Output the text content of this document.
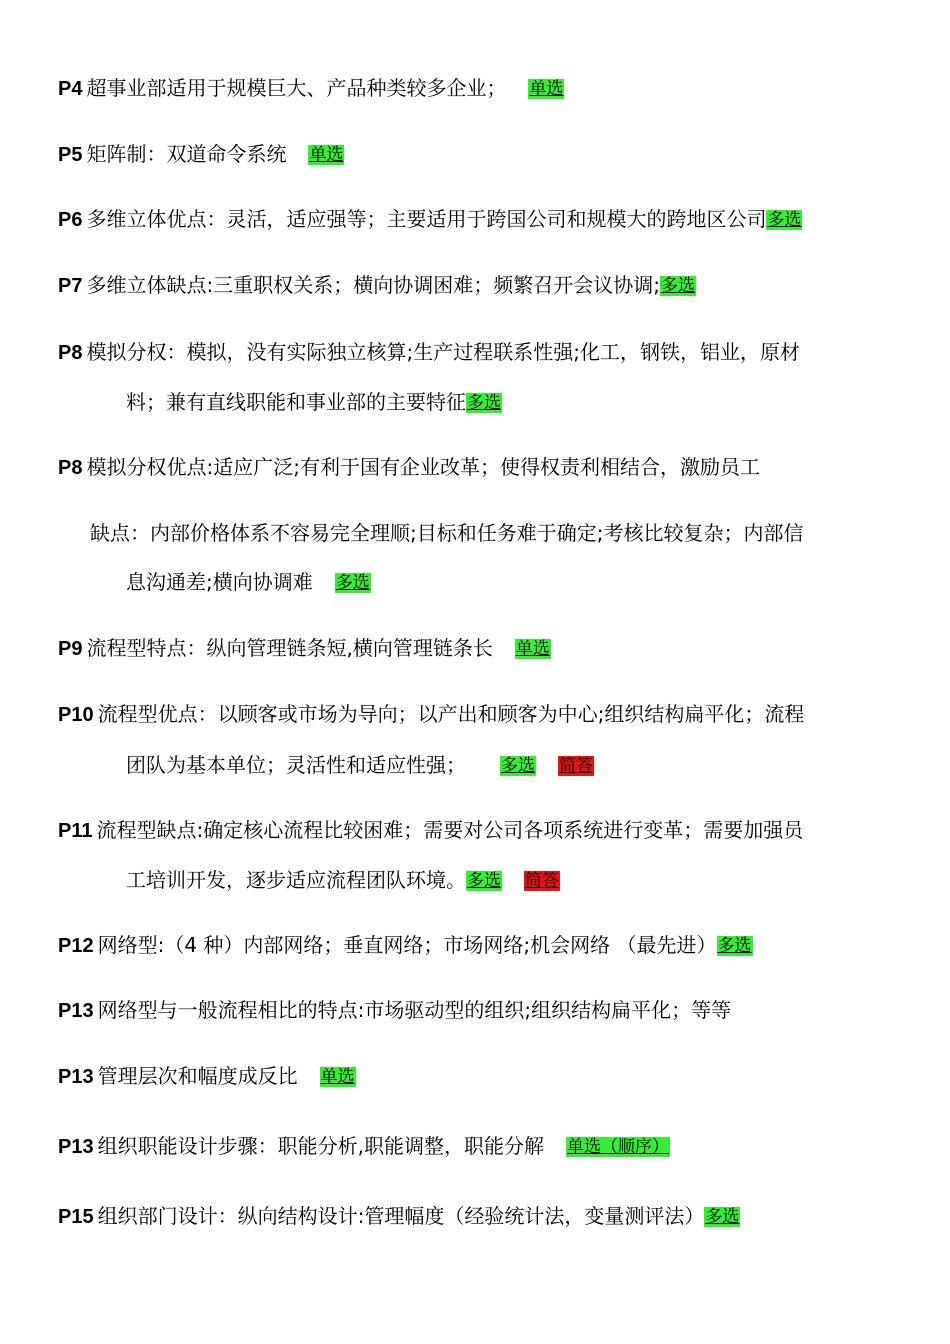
P4 超事业部适用于规模巨大、产品种类较多企业； 单选
P5 矩阵制：双道命令系统 单选
P6 多维立体优点：灵活，适应强等；主要适用于跨国公司和规模大的跨地区公司多选
P7 多维立体缺点:三重职权关系；横向协调困难；频繁召开会议协调;多选
P8 模拟分权：模拟，没有实际独立核算;生产过程联系性强;化工，钢铁，铝业，原材
料；兼有直线职能和事业部的主要特征多选
P8 模拟分权优点:适应广泛;有利于国有企业改革；使得权责利相结合，激励员工
缺点：内部价格体系不容易完全理顺;目标和任务难于确定;考核比较复杂；内部信
息沟通差;横向协调难 多选
P9 流程型特点：纵向管理链条短,横向管理链条长 单选
P10 流程型优点：以顾客或市场为导向；以产出和顾客为中心;组织结构扁平化；流程
团队为基本单位；灵活性和适应性强； 多选 简答
P11 流程型缺点:确定核心流程比较困难；需要对公司各项系统进行变革；需要加强员
工培训开发，逐步适应流程团队环境。多选 简答
P12 网络型:（4 种）内部网络；垂直网络；市场网络;机会网络 （最先进）多选
P13 网络型与一般流程相比的特点:市场驱动型的组织;组织结构扁平化；等等
P13 管理层次和幅度成反比 单选
P13 组织职能设计步骤：职能分析,职能调整，职能分解 单选（顺序）
P15 组织部门设计：纵向结构设计:管理幅度（经验统计法，变量测评法）多选
